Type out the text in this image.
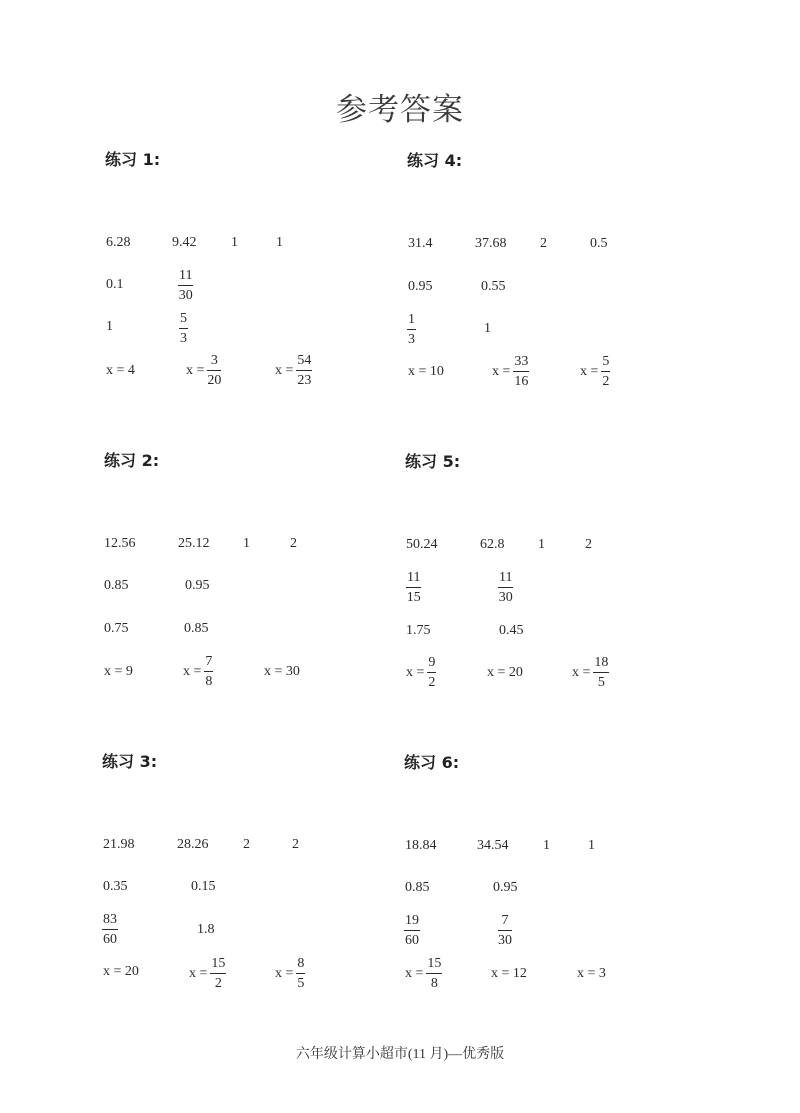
参考答案
练习 1:
6.28	9.42 1	1
0.1	$\frac{11}{30}$
1	$\frac{5}{3}$
x = 4	$x = \frac{3}{20}$	$x = \frac{54}{23}$
练习 4:
31.4	37.68 2	0.5
0.95	0.55
$\frac{1}{3}$	1
x = 10	$x = \frac{33}{16}$	$x = \frac{5}{2}$
练习 2:
12.56	25.12 1	2
0.85	0.95
0.75	0.85
x = 9	$x = \frac{7}{8}$	x = 30
练习 5:
50.24	62.8 1	2
$\frac{11}{15}$	$\frac{11}{30}$
1.75	0.45
$x = \frac{9}{2}$	x = 20	$x = \frac{18}{5}$
练习 3:
21.98	28.26 2	2
0.35	0.15
$\frac{83}{60}$	1.8
x = 20	$x = \frac{15}{2}$	$x = \frac{8}{5}$
练习 6:
18.84	34.54 1	1
0.85	0.95
$\frac{19}{60}$	$\frac{7}{30}$
$x = \frac{15}{8}$	x = 12	x = 3
六年级计算小超市(11 月)—优秀版
